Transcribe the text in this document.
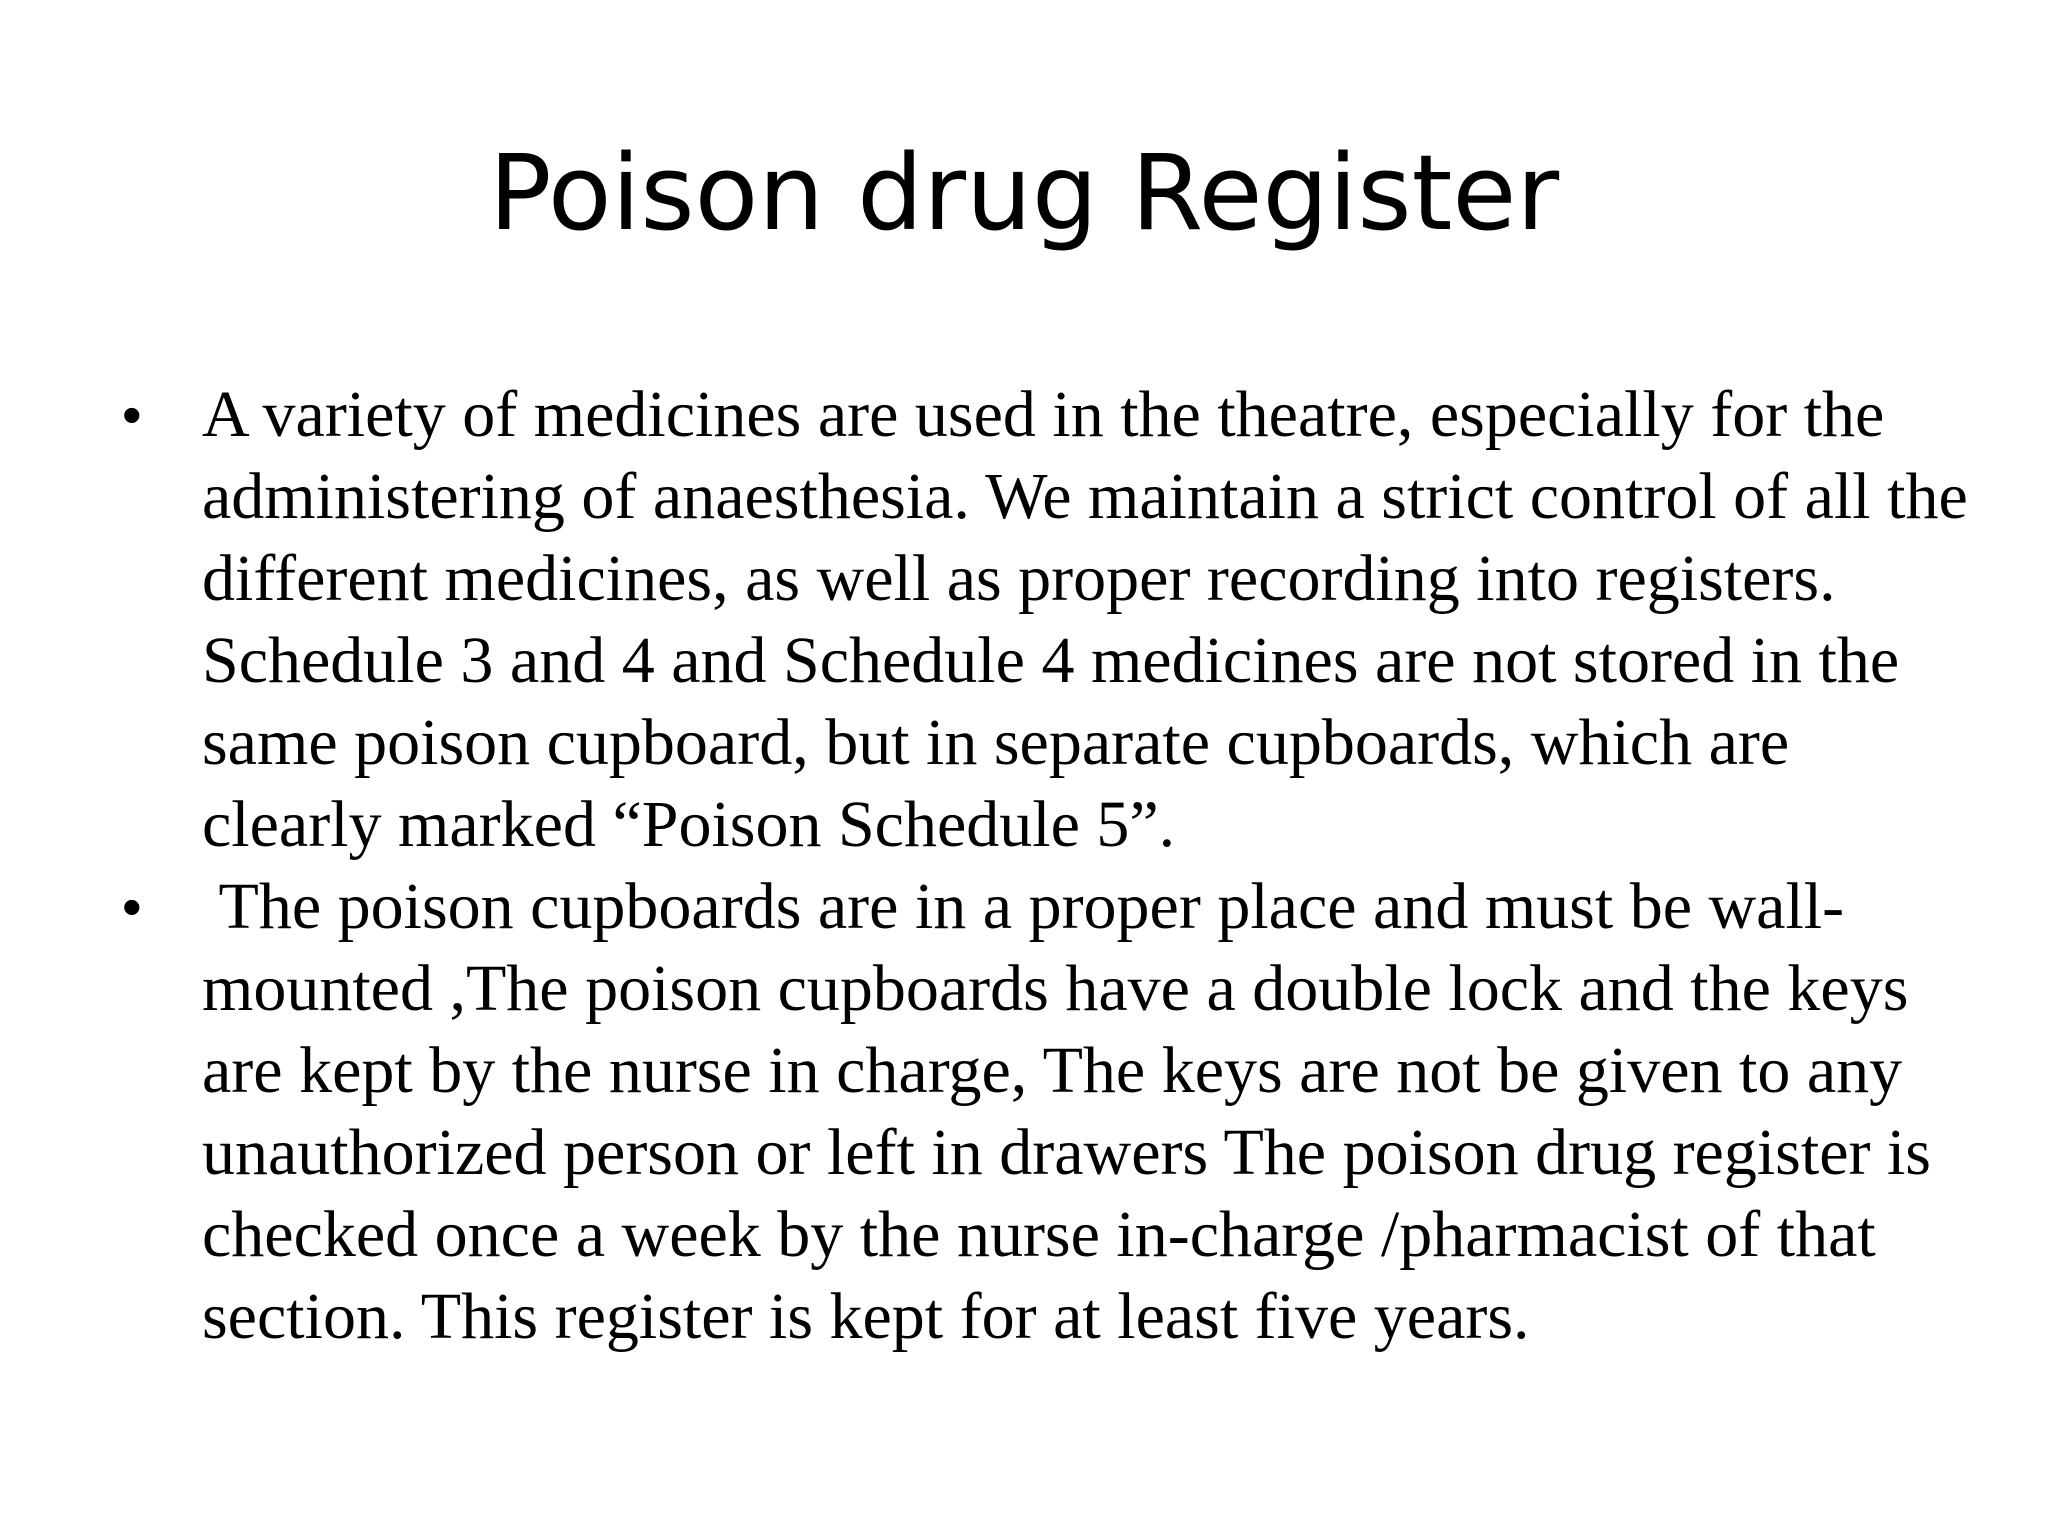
Poison drug Register
• A variety of medicines are used in the theatre, especially for the administering of anaesthesia. We maintain a strict control of all the different medicines, as well as proper recording into registers. Schedule 3 and 4 and Schedule 4 medicines are not stored in the same poison cupboard, but in separate cupboards, which are clearly marked “Poison Schedule 5”.
• The poison cupboards are in a proper place and must be wall-mounted ,The poison cupboards have a double lock and the keys are kept by the nurse in charge, The keys are not be given to any unauthorized person or left in drawers The poison drug register is checked once a week by the nurse in-charge /pharmacist of that section. This register is kept for at least five years.
